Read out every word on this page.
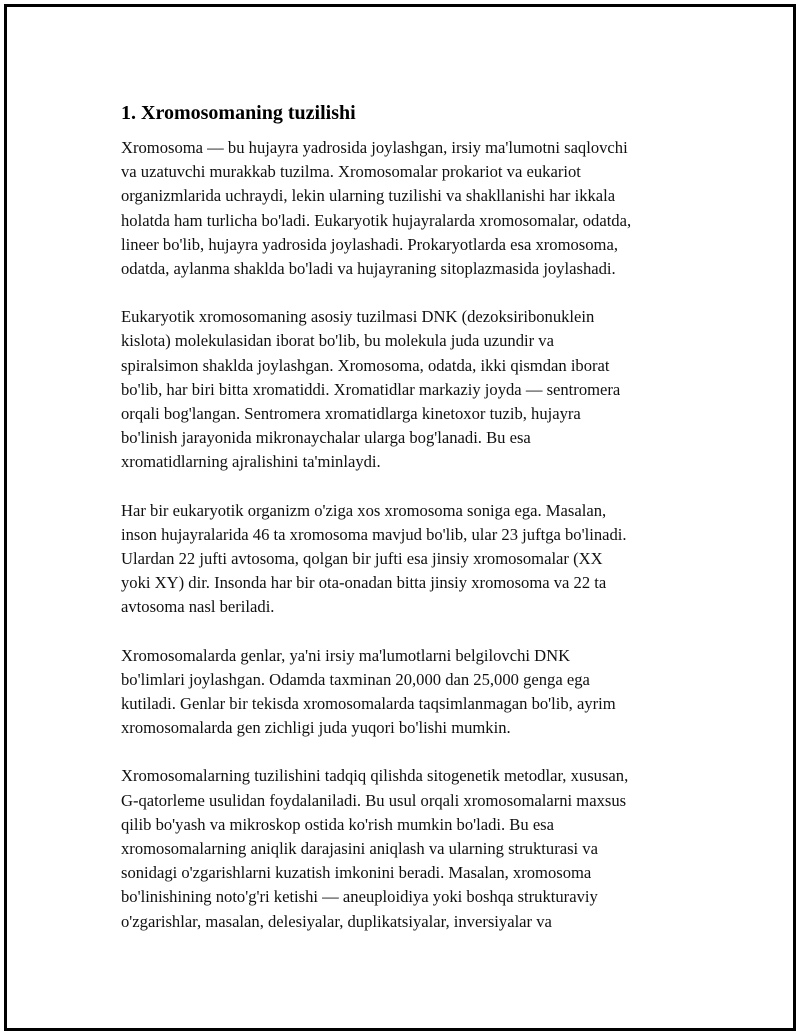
1. Xromosomaning tuzilishi

Xromosoma — bu hujayra yadrosida joylashgan, irsiy ma'lumotni saqlovchi
va uzatuvchi murakkab tuzilma. Xromosomalar prokariot va eukariot
organizmlarida uchraydi, lekin ularning tuzilishi va shakllanishi har ikkala
holatda ham turlicha bo'ladi. Eukaryotik hujayralarda xromosomalar, odatda,
lineer bo'lib, hujayra yadrosida joylashadi. Prokaryotlarda esa xromosoma,
odatda, aylanma shaklda bo'ladi va hujayraning sitoplazmasida joylashadi.

Eukaryotik xromosomaning asosiy tuzilmasi DNK (dezoksiribonuklein
kislota) molekulasidan iborat bo'lib, bu molekula juda uzundir va
spiralsimon shaklda joylashgan. Xromosoma, odatda, ikki qismdan iborat
bo'lib, har biri bitta xromatiddi. Xromatidlar markaziy joyda — sentromera
orqali bog'langan. Sentromera xromatidlarga kinetoxor tuzib, hujayra
bo'linish jarayonida mikronaychalar ularga bog'lanadi. Bu esa
xromatidlarning ajralishini ta'minlaydi.

Har bir eukaryotik organizm o'ziga xos xromosoma soniga ega. Masalan,
inson hujayralarida 46 ta xromosoma mavjud bo'lib, ular 23 juftga bo'linadi.
Ulardan 22 jufti avtosoma, qolgan bir jufti esa jinsiy xromosomalar (XX
yoki XY) dir. Insonda har bir ota-onadan bitta jinsiy xromosoma va 22 ta
avtosoma nasl beriladi.

Xromosomalarda genlar, ya'ni irsiy ma'lumotlarni belgilovchi DNK
bo'limlari joylashgan. Odamda taxminan 20,000 dan 25,000 genga ega
kutiladi. Genlar bir tekisda xromosomalarda taqsimlanmagan bo'lib, ayrim
xromosomalarda gen zichligi juda yuqori bo'lishi mumkin.

Xromosomalarning tuzilishini tadqiq qilishda sitogenetik metodlar, xususan,
G-qatorleme usulidan foydalaniladi. Bu usul orqali xromosomalarni maxsus
qilib bo'yash va mikroskop ostida ko'rish mumkin bo'ladi. Bu esa
xromosomalarning aniqlik darajasini aniqlash va ularning strukturasi va
sonidagi o'zgarishlarni kuzatish imkonini beradi. Masalan, xromosoma
bo'linishining noto'g'ri ketishi — aneuploidiya yoki boshqa strukturaviy
o'zgarishlar, masalan, delesiyalar, duplikatsiyalar, inversiyalar va
